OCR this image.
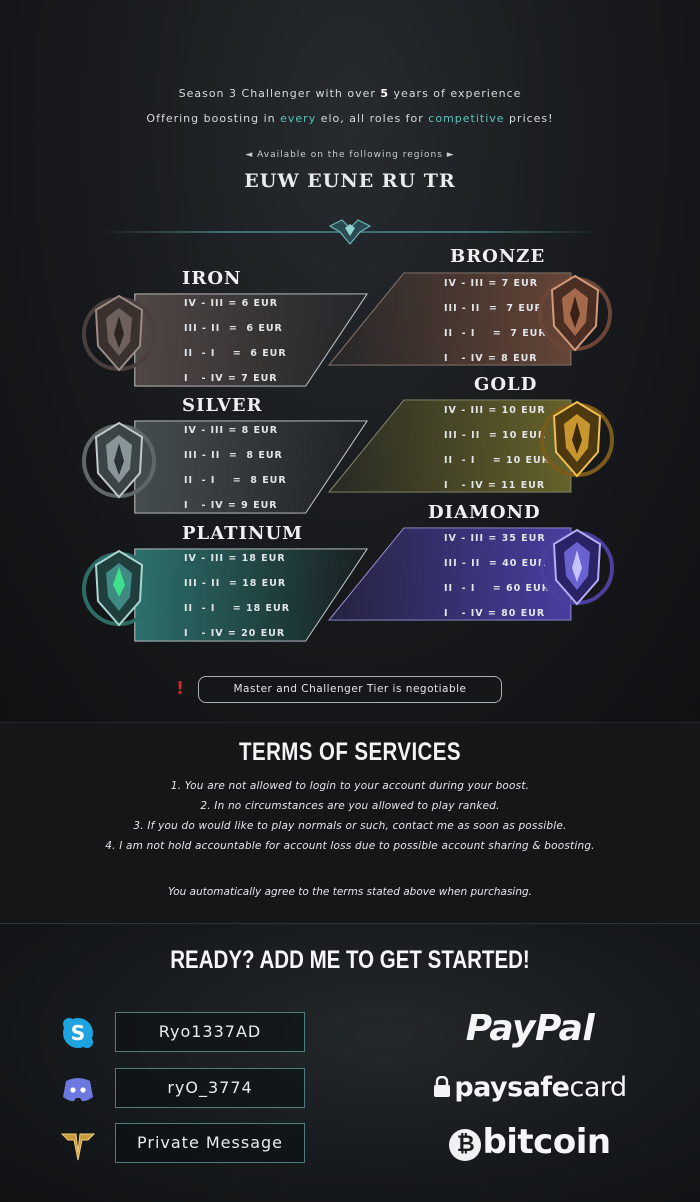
Season 3 Challenger with over 5 years of experience

Offering boosting in every elo, all roles for competitive prices!

◄ Available on the following regions ►
EUW EUNE RU TR
IRON
IV - III = 6 EUR
III - II  =  6 EUR
II  - I    =  6 EUR
I   - IV = 7 EUR
SILVER
IV - III = 8 EUR
III - II  =  8 EUR
II  - I    =  8 EUR
I   - IV = 9 EUR
PLATINUM
IV - III = 18 EUR
III - II  = 18 EUR
II  - I    = 18 EUR
I   - IV = 20 EUR
BRONZE
IV - III = 7 EUR
III - II  =  7 EUR
II  - I    =  7 EUR
I   - IV = 8 EUR
GOLD
IV - III = 10 EUR
III - II  = 10 EUR
II  - I    = 10 EUR
I   - IV = 11 EUR
DIAMOND
IV - III = 35 EUR
III - II  = 40 EUR
II  - I    = 60 EUR
I   - IV = 80 EUR
!	Master and Challenger Tier is negotiable
TERMS OF SERVICES
1. You are not allowed to login to your account during your boost.
2. In no circumstances are you allowed to play ranked.
3. If you do would like to play normals or such, contact me as soon as possible.
4. I am not hold accountable for account loss due to possible account sharing & boosting.
You automatically agree to the terms stated above when purchasing.
READY? ADD ME TO GET STARTED!
S	Ryo1337AD
ryO_3774
Private Message
PayPal
paysafecard
₿ bitcoin
